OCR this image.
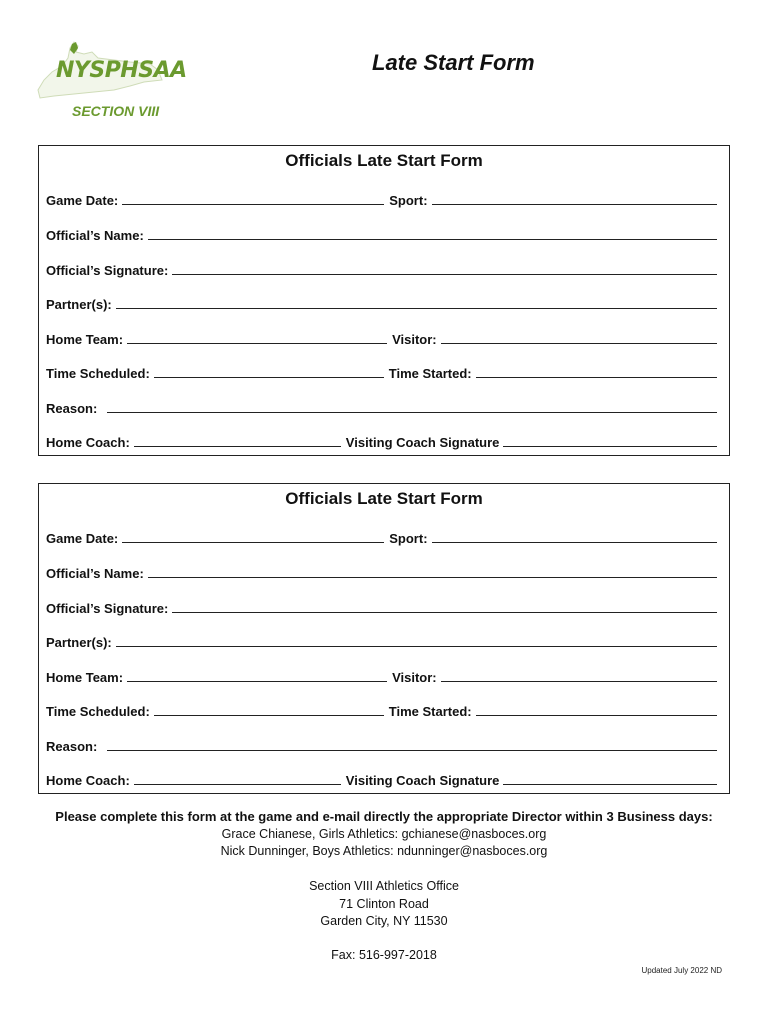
NYSPHSAA
SECTION VIII
Late Start Form
Officials Late Start Form
Game Date:	Sport:
Official’s Name:
Official’s Signature:
Partner(s):
Home Team:	Visitor:
Time Scheduled:	Time Started:
Reason:
Home Coach:	Visiting Coach Signature
Officials Late Start Form
Game Date:	Sport:
Official’s Name:
Official’s Signature:
Partner(s):
Home Team:	Visitor:
Time Scheduled:	Time Started:
Reason:
Home Coach:	Visiting Coach Signature
Please complete this form at the game and e-mail directly the appropriate Director within 3 Business days:
Grace Chianese, Girls Athletics: gchianese@nasboces.org
Nick Dunninger, Boys Athletics: ndunninger@nasboces.org
Section VIII Athletics Office
71 Clinton Road
Garden City, NY 11530
Fax: 516-997-2018
Updated July 2022 ND
